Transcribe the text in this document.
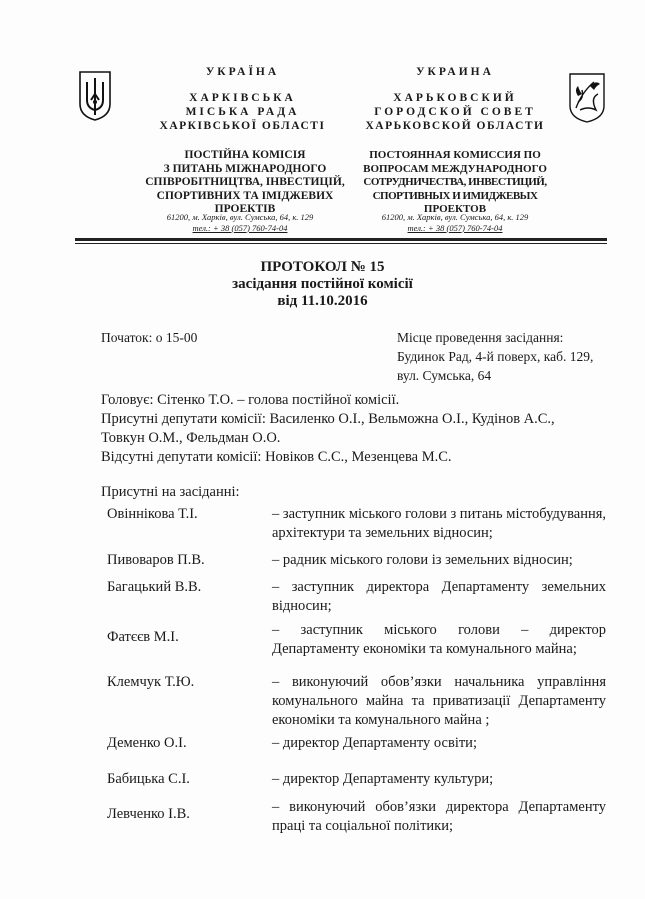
УКРАЇНА
ХАРКІВСЬКА
МІСЬКА РАДА
ХАРКІВСЬКОЇ ОБЛАСТІ
ПОСТІЙНА КОМІСІЯ
З ПИТАНЬ МІЖНАРОДНОГО
СПІВРОБІТНИЦТВА, ІНВЕСТИЦІЙ,
СПОРТИВНИХ ТА ІМІДЖЕВИХ
ПРОЕКТІВ
61200, м. Харків, вул. Сумська, 64, к. 129
тел.: + 38 (057) 760-74-04
УКРАИНА
ХАРЬКОВСКИЙ
ГОРОДСКОЙ СОВЕТ
ХАРЬКОВСКОЙ ОБЛАСТИ
ПОСТОЯННАЯ КОМИССИЯ ПО
ВОПРОСАМ МЕЖДУНАРОДНОГО
СОТРУДНИЧЕСТВА, ИНВЕСТИЦИЙ,
СПОРТИВНЫХ И ИМИДЖЕВЫХ
ПРОЕКТОВ
61200, м. Харків, вул. Сумська, 64, к. 129
тел.: + 38 (057) 760-74-04
ПРОТОКОЛ № 15
засідання постійної комісії
від 11.10.2016
Початок: о 15-00	Місце проведення засідання:
Будинок Рад, 4-й поверх, каб. 129,
вул. Сумська, 64
Головує: Сітенко Т.О. – голова постійної комісії.
Присутні депутати комісії: Василенко О.І., Вельможна О.І., Кудінов А.С.,
Товкун О.М., Фельдман О.О.
Відсутні депутати комісії: Новіков С.С., Мезенцева М.С.
Присутні на засіданні:
Овіннікова Т.І.	– заступник міського голови з питань містобудування, архітектури та земельних відносин;
Пивоваров П.В.	– радник міського голови із земельних відносин;
Багацький В.В.	– заступник директора Департаменту земельних відносин;
Фатєєв М.І.	– заступник міського голови – директор Департаменту економіки та комунального майна;
Клемчук Т.Ю.	– виконуючий обов’язки начальника управління комунального майна та приватизації Департаменту економіки та комунального майна ;
Деменко О.І.	– директор Департаменту освіти;
Бабицька С.І.	– директор Департаменту культури;
Левченко І.В.	– виконуючий обов’язки директора Департаменту праці та соціальної політики;
